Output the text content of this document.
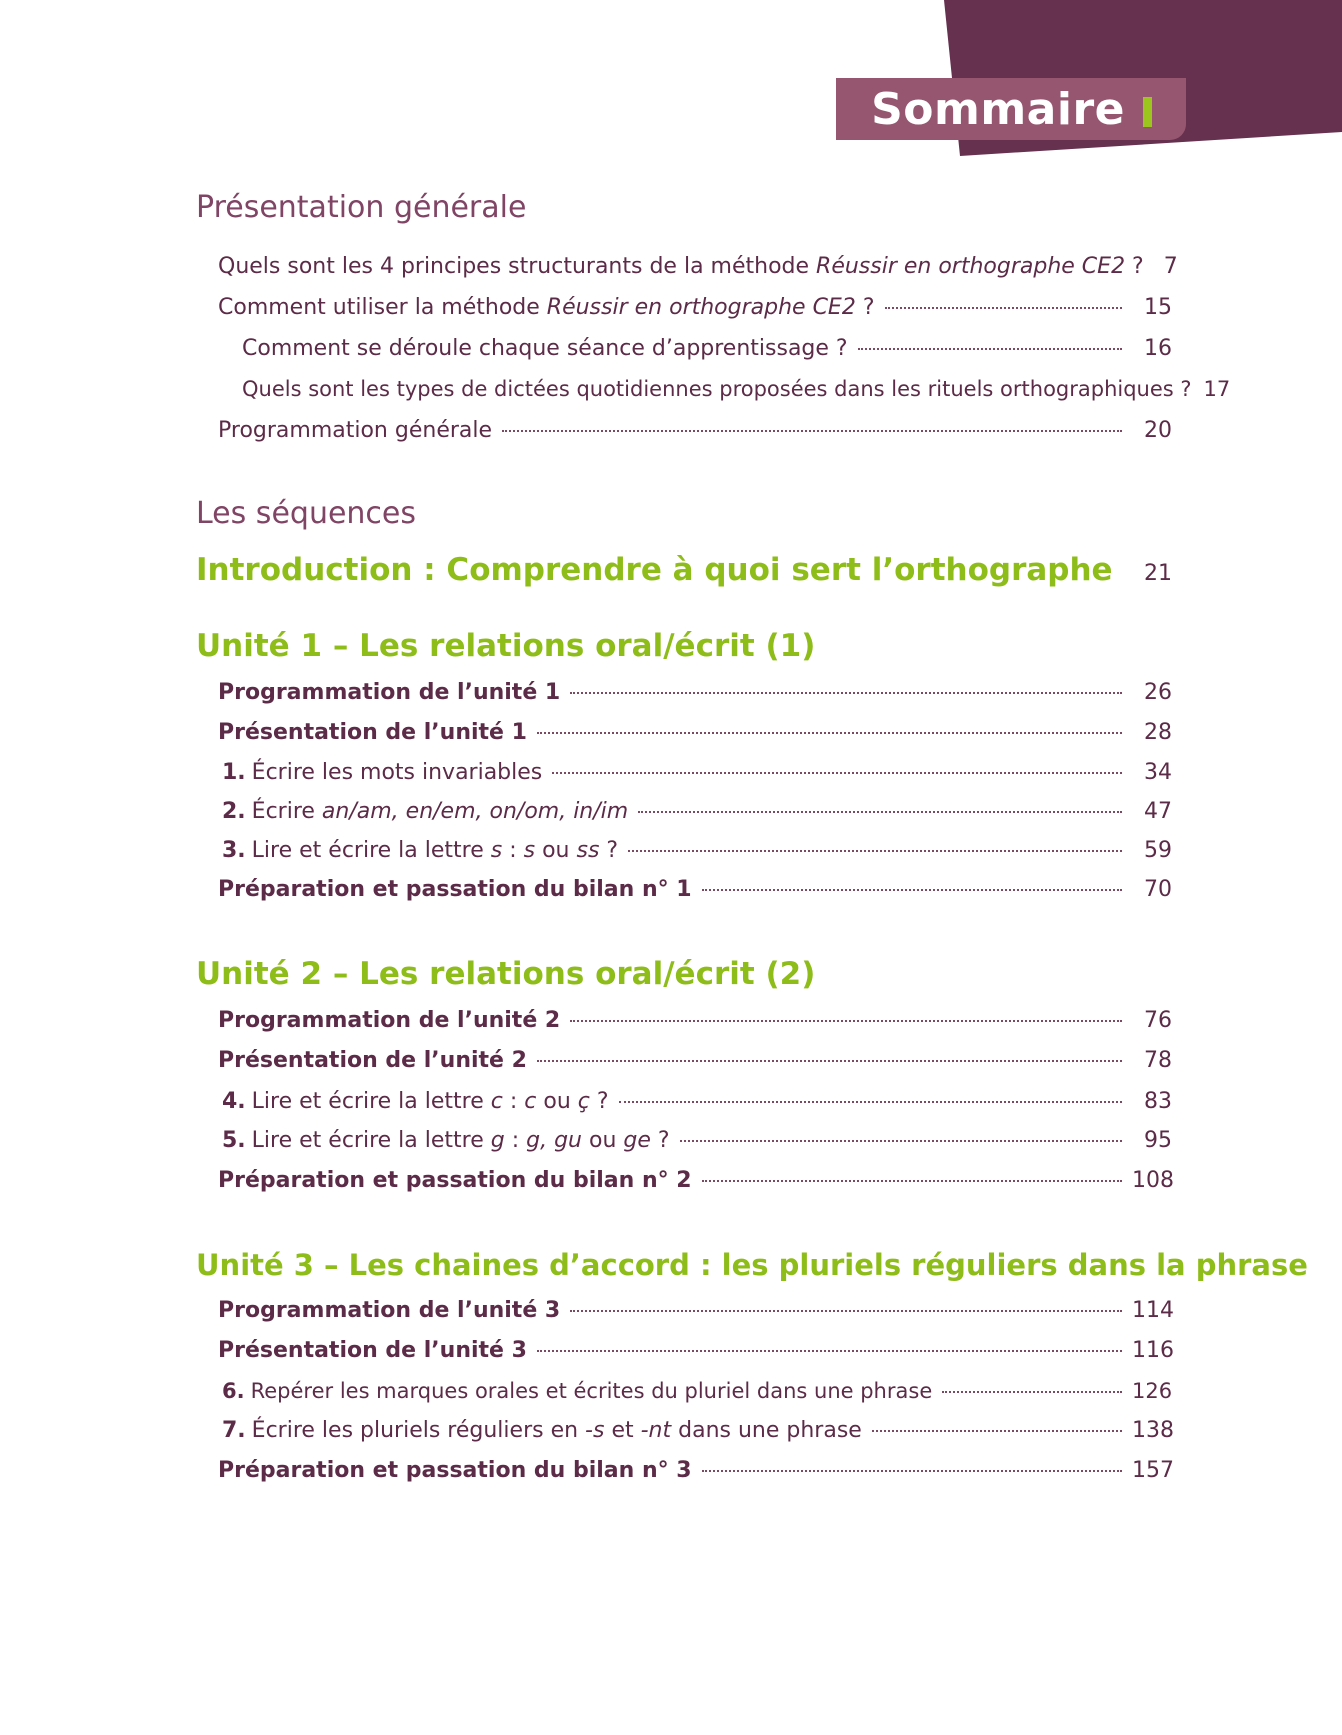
Sommaire
Présentation générale
Quels sont les 4 principes structurants de la méthode Réussir en orthographe CE2 ? 7
Comment utiliser la méthode Réussir en orthographe CE2 ?	15
Comment se déroule chaque séance d’apprentissage ?	16
Quels sont les types de dictées quotidiennes proposées dans les rituels orthographiques ? 17
Programmation générale	20
Les séquences
Introduction : Comprendre à quoi sert l’orthographe	21
Unité 1 – Les relations oral/écrit (1)
Programmation de l’unité 1	26
Présentation de l’unité 1	28
1. Écrire les mots invariables	34
2. Écrire an/am, en/em, on/om, in/im	47
3. Lire et écrire la lettre s : s ou ss ?	59
Préparation et passation du bilan n° 1	70
Unité 2 – Les relations oral/écrit (2)
Programmation de l’unité 2	76
Présentation de l’unité 2	78
4. Lire et écrire la lettre c : c ou ç ?	83
5. Lire et écrire la lettre g : g, gu ou ge ?	95
Préparation et passation du bilan n° 2	108
Unité 3 – Les chaines d’accord : les pluriels réguliers dans la phrase
Programmation de l’unité 3	114
Présentation de l’unité 3	116
6. Repérer les marques orales et écrites du pluriel dans une phrase	126
7. Écrire les pluriels réguliers en -s et -nt dans une phrase	138
Préparation et passation du bilan n° 3	157
